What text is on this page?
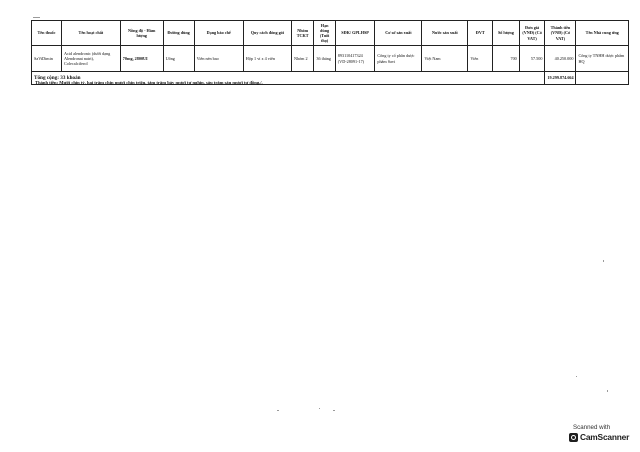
Tên thuốc	Tên hoạt chất	Nồng độ - Hàm lượng	Đường dùng	Dạng bào chế	Quy cách đóng gói	Nhóm TCKT	Hạn dùng (Tuổi thọ)	SĐK/ GPLHSP	Cơ sở sản xuất	Nước sản xuất	ĐVT	Số lượng	Đơn giá (VNĐ) (Có VAT)	Thành tiền (VNĐ) (Có VAT)	Tên Nhà cung ứng
SaViDimin	Acid alendronic (dưới dạng Alendronat natri), Colecalciferol	70mg, 2800UI	Uống	Viên nén bao	Hộp 1 vỉ x 4 viên	Nhóm 2	36 tháng	893110417324 (VD-28091-17)	Công ty cổ phần dược phẩm Savi	Việt Nam	Viên	700	57.500	40.250.000	Công ty TNHH dược phẩm HQ
Tổng cộng: 33 khoản														19.299.874.664	
Thành tiền: Mười chín tỷ, hai trăm chín mươi chín triệu, tám trăm bảy mươi tư nghìn, sáu trăm sáu mươi tư đồng./.
Scanned with
CamScanner
